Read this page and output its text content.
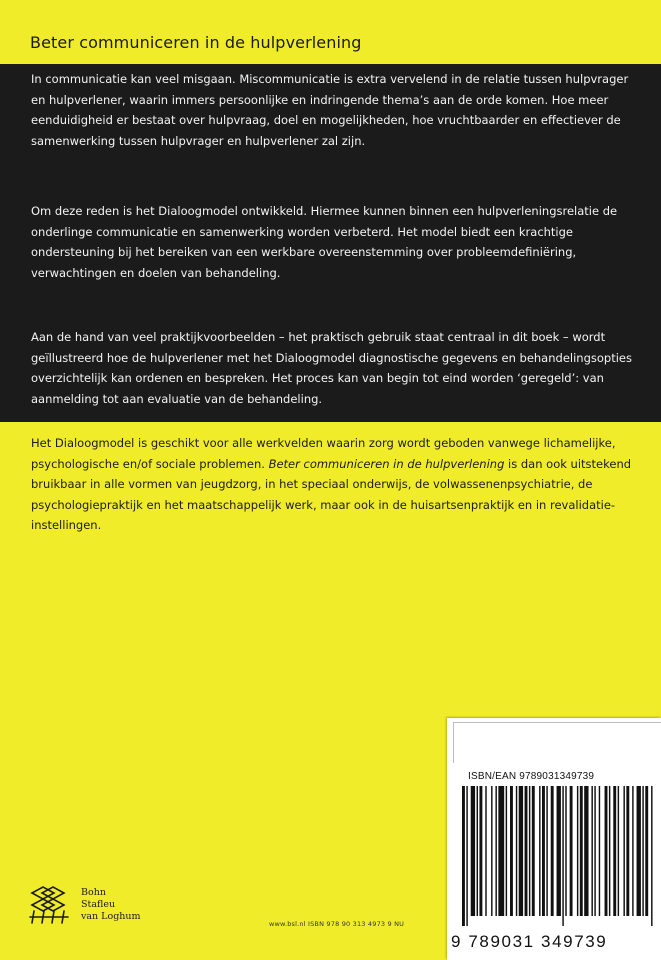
Beter communiceren in de hulpverlening

In communicatie kan veel misgaan. Miscommunicatie is extra vervelend in de relatie tussen hulpvrager en hulpverlener, waarin immers persoonlijke en indringende thema’s aan de orde komen. Hoe meer eenduidigheid er bestaat over hulpvraag, doel en mogelijkheden, hoe vruchtbaarder en effectiever de samenwerking tussen hulpvrager en hulpverlener zal zijn.

Om deze reden is het Dialoogmodel ontwikkeld. Hiermee kunnen binnen een hulpverleningsrelatie de onderlinge communicatie en samenwerking worden verbeterd. Het model biedt een krachtige ondersteuning bij het bereiken van een werkbare overeenstemming over probleemdefiniëring, verwachtingen en doelen van behandeling.

Aan de hand van veel praktijkvoorbeelden – het praktisch gebruik staat centraal in dit boek – wordt geïllustreerd hoe de hulpverlener met het Dialoogmodel diagnostische gegevens en behandelingsopties overzichtelijk kan ordenen en bespreken. Het proces kan van begin tot eind worden ‘geregeld’: van aanmelding tot aan evaluatie van de behandeling.

Het Dialoogmodel is geschikt voor alle werkvelden waarin zorg wordt geboden vanwege lichamelijke, psychologische en/of sociale problemen. Beter communiceren in de hulpverlening is dan ook uitstekend bruikbaar in alle vormen van jeugdzorg, in het speciaal onderwijs, de volwassenenpsychiatrie, de psychologiepraktijk en het maatschappelijk werk, maar ook in de huisartsenpraktijk en in revalidatie-instellingen.

Bohn
Stafleu
van Loghum
www.bsl.nl ISBN 978 90 313 4973 9 NU
ISBN/EAN 9789031349739
9 789031 349739
